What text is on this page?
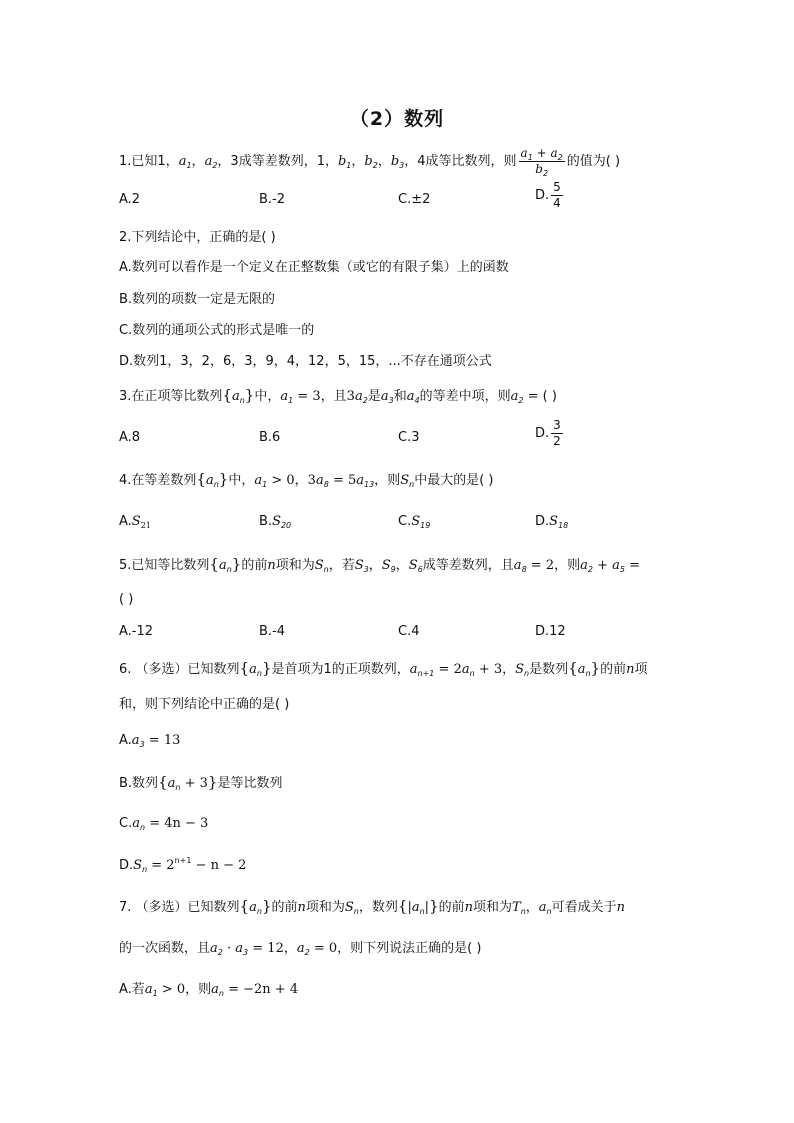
（2）数列
1.已知1，$a_1$，$a_2$，3成等差数列，1，$b_1$，$b_2$，$b_3$，4成等比数列，则 $\frac{a_1 + a_2}{b_2}$ 的值为( )
A.2	B.-2	C.±2	D. $\frac{5}{4}$
2.下列结论中，正确的是( )
A.数列可以看作是一个定义在正整数集（或它的有限子集）上的函数
B.数列的项数一定是无限的
C.数列的通项公式的形式是唯一的
D.数列1，3，2，6，3，9，4，12，5，15，...不存在通项公式
3.在正项等比数列$\{a_n\}$中，$a_1 = 3$，且$3a_2$是$a_3$和$a_4$的等差中项，则$a_2$ = ( )
A.8	B.6	C.3	D. $\frac{3}{2}$
4.在等差数列$\{a_n\}$中，$a_1 > 0$，$3a_8 = 5a_{13}$，则$S_n$中最大的是( )
$A.S_{21}$	$B.S_{20}$	$C.S_{19}$	$D.S_{18}$
5.已知等比数列$\{a_n\}$的前n项和为$S_n$，若$S_3$，$S_9$，$S_6$成等差数列，且$a_8 = 2$，则$a_2 + a_5$ =
( )
A.-12	B.-4	C.4	D.12
6. （多选）已知数列$\{a_n\}$是首项为1的正项数列，$a_{n+1} = 2a_n + 3$，$S_n$是数列$\{a_n\}$的前n项
和，则下列结论中正确的是( )
$A.a_3 = 13$
B.数列$\{a_n + 3\}$是等比数列
$C.a_n = 4n - 3$
$D.S_n = 2^{n+1} - n - 2$
7. （多选）已知数列$\{a_n\}$的前n项和为$S_n$，数列$\{|a_n|\}$的前n项和为$T_n$，$a_n$可看成关于n
的一次函数，且$a_2 \cdot a_3 = 12$，$a_2 = 0$，则下列说法正确的是( )
A.若$a_1 > 0$，则$a_n = -2n + 4$
